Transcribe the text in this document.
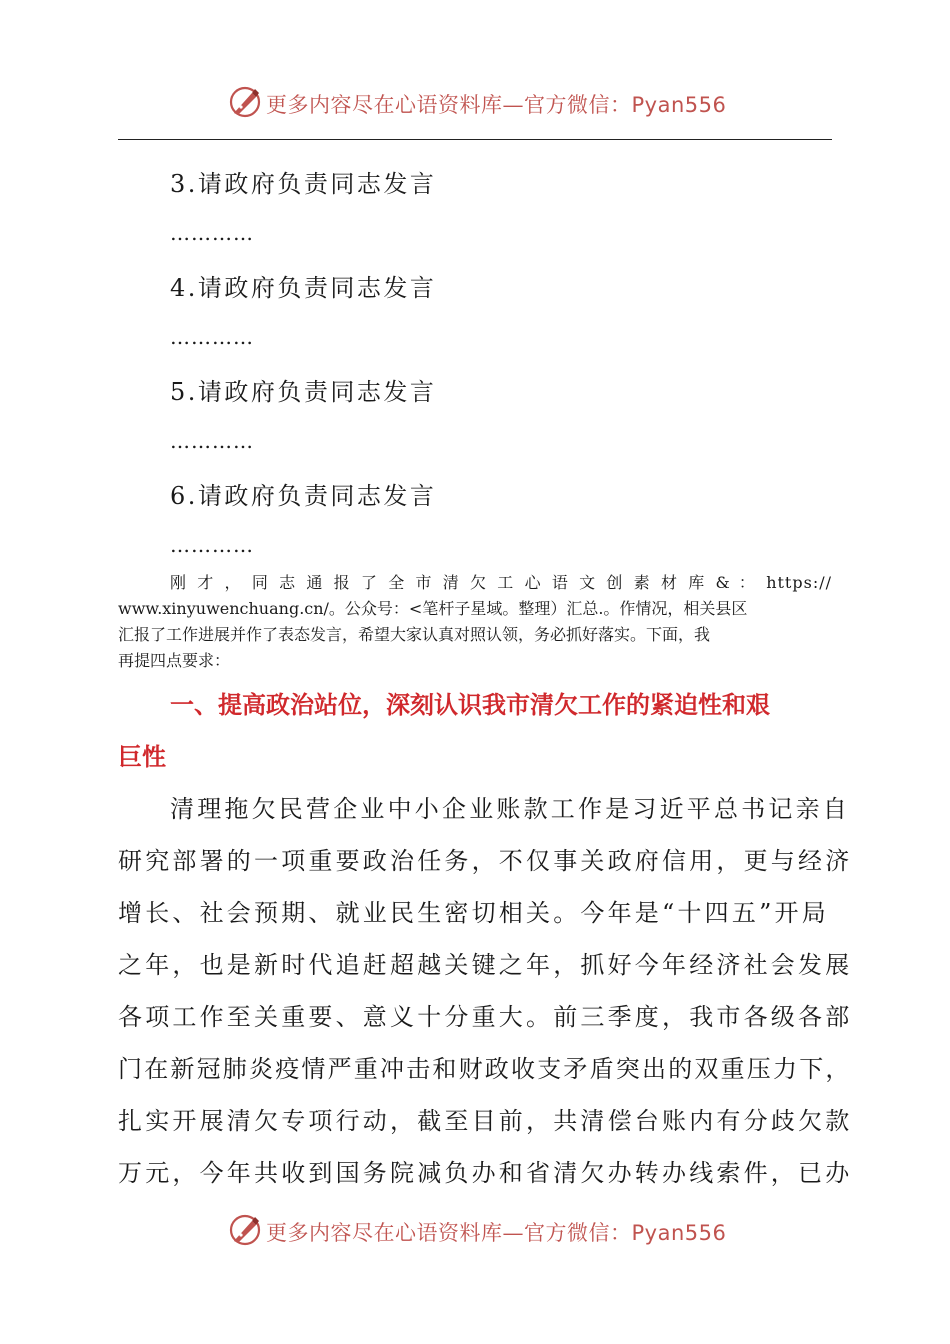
更多内容尽在心语资料库—官方微信：Pyan556
3.请政府负责同志发言
…………
4.请政府负责同志发言
…………
5.请政府负责同志发言
…………
6.请政府负责同志发言
…………
刚 才 ， 同 志 通 报 了 全 市 清 欠 工 心 语 文 创 素 材 库 & ： https://
www.xinyuwenchuang.cn/。公众号：<笔杆子星域。整理）汇总.。作情况，相关县区
汇报了工作进展并作了表态发言，希望大家认真对照认领，务必抓好落实。下面，我
再提四点要求：
一、提高政治站位，深刻认识我市清欠工作的紧迫性和艰
巨性
清理拖欠民营企业中小企业账款工作是习近平总书记亲自
研究部署的一项重要政治任务，不仅事关政府信用，更与经济
增长、社会预期、就业民生密切相关。今年是“十四五”开局
之年，也是新时代追赶超越关键之年，抓好今年经济社会发展
各项工作至关重要、意义十分重大。前三季度，我市各级各部
门在新冠肺炎疫情严重冲击和财政收支矛盾突出的双重压力下，
扎实开展清欠专项行动，截至目前，共清偿台账内有分歧欠款
万元，今年共收到国务院减负办和省清欠办转办线索件，已办
更多内容尽在心语资料库—官方微信：Pyan556
